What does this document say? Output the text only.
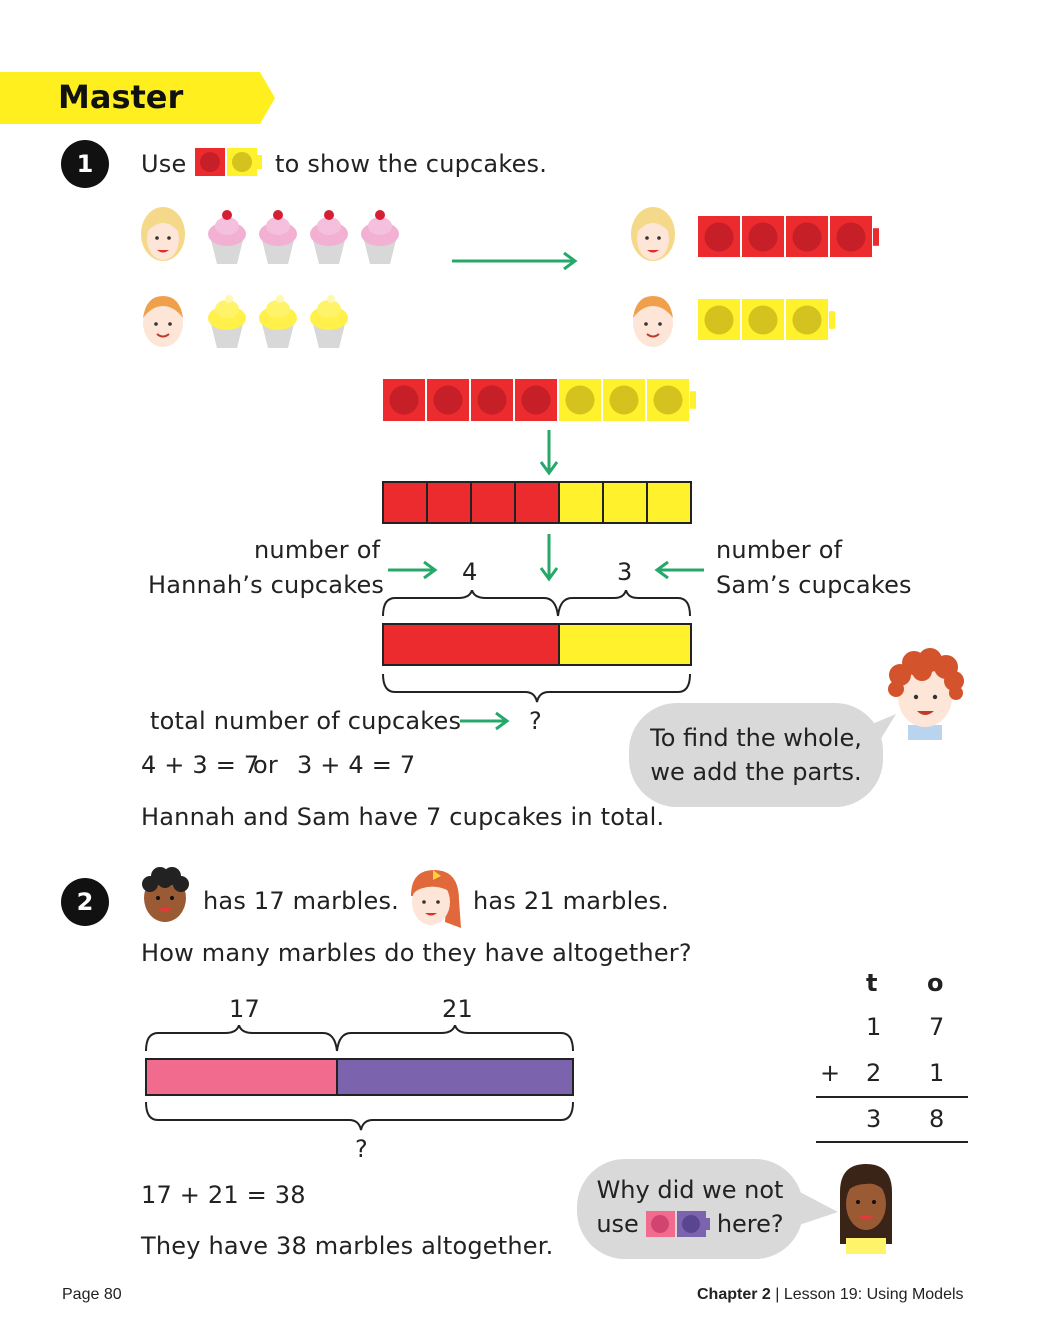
Master
1	Use	to show the cupcakes.
number of
Hannah’s cupcakes	4	3
number of
Sam’s cupcakes
total number of cupcakes	?
4 + 3 = 7
or 3 + 4 = 7
Hannah and Sam have 7 cupcakes in total.
To find the whole,
we add the parts.
2	has 17 marbles.	has 21 marbles.
How many marbles do they have altogether?
17	21
?
17 + 21 = 38
They have 38 marbles altogether.
t o
1 7
+ 2 1
3 8
Why did we not
use	here?
Page 80	Chapter 2 | Lesson 19: Using Models
